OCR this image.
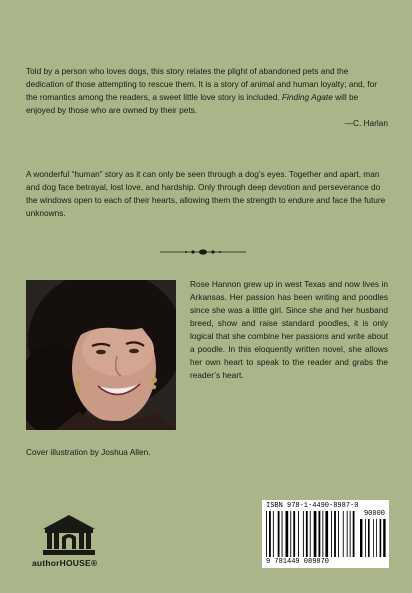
Told by a person who loves dogs, this story relates the plight of abandoned pets and the dedication of those attempting to rescue them. It is a story of animal and human loyalty; and, for the romantics among the readers, a sweet little love story is included. Finding Agate will be enjoyed by those who are owned by their pets.
—C. Harlan

A wonderful “human” story as it can only be seen through a dog’s eyes. Together and apart, man and dog face betrayal, lost love, and hardship. Only through deep devotion and perseverance do the windows open to each of their hearts, allowing them the strength to endure and face the future unknowns.

Rose Hannon grew up in west Texas and now lives in Arkansas. Her passion has been writing and poodles since she was a little girl. Since she and her husband breed, show and raise standard poodles, it is only logical that she combine her passions and write about a poodle. In this eloquently written novel, she allows her own heart to speak to the reader and grabs the reader’s heart.

Cover illustration by Joshua Allen.

authorHOUSE®
ISBN 978-1-4490-8987-0
90000
9 781449 089870
